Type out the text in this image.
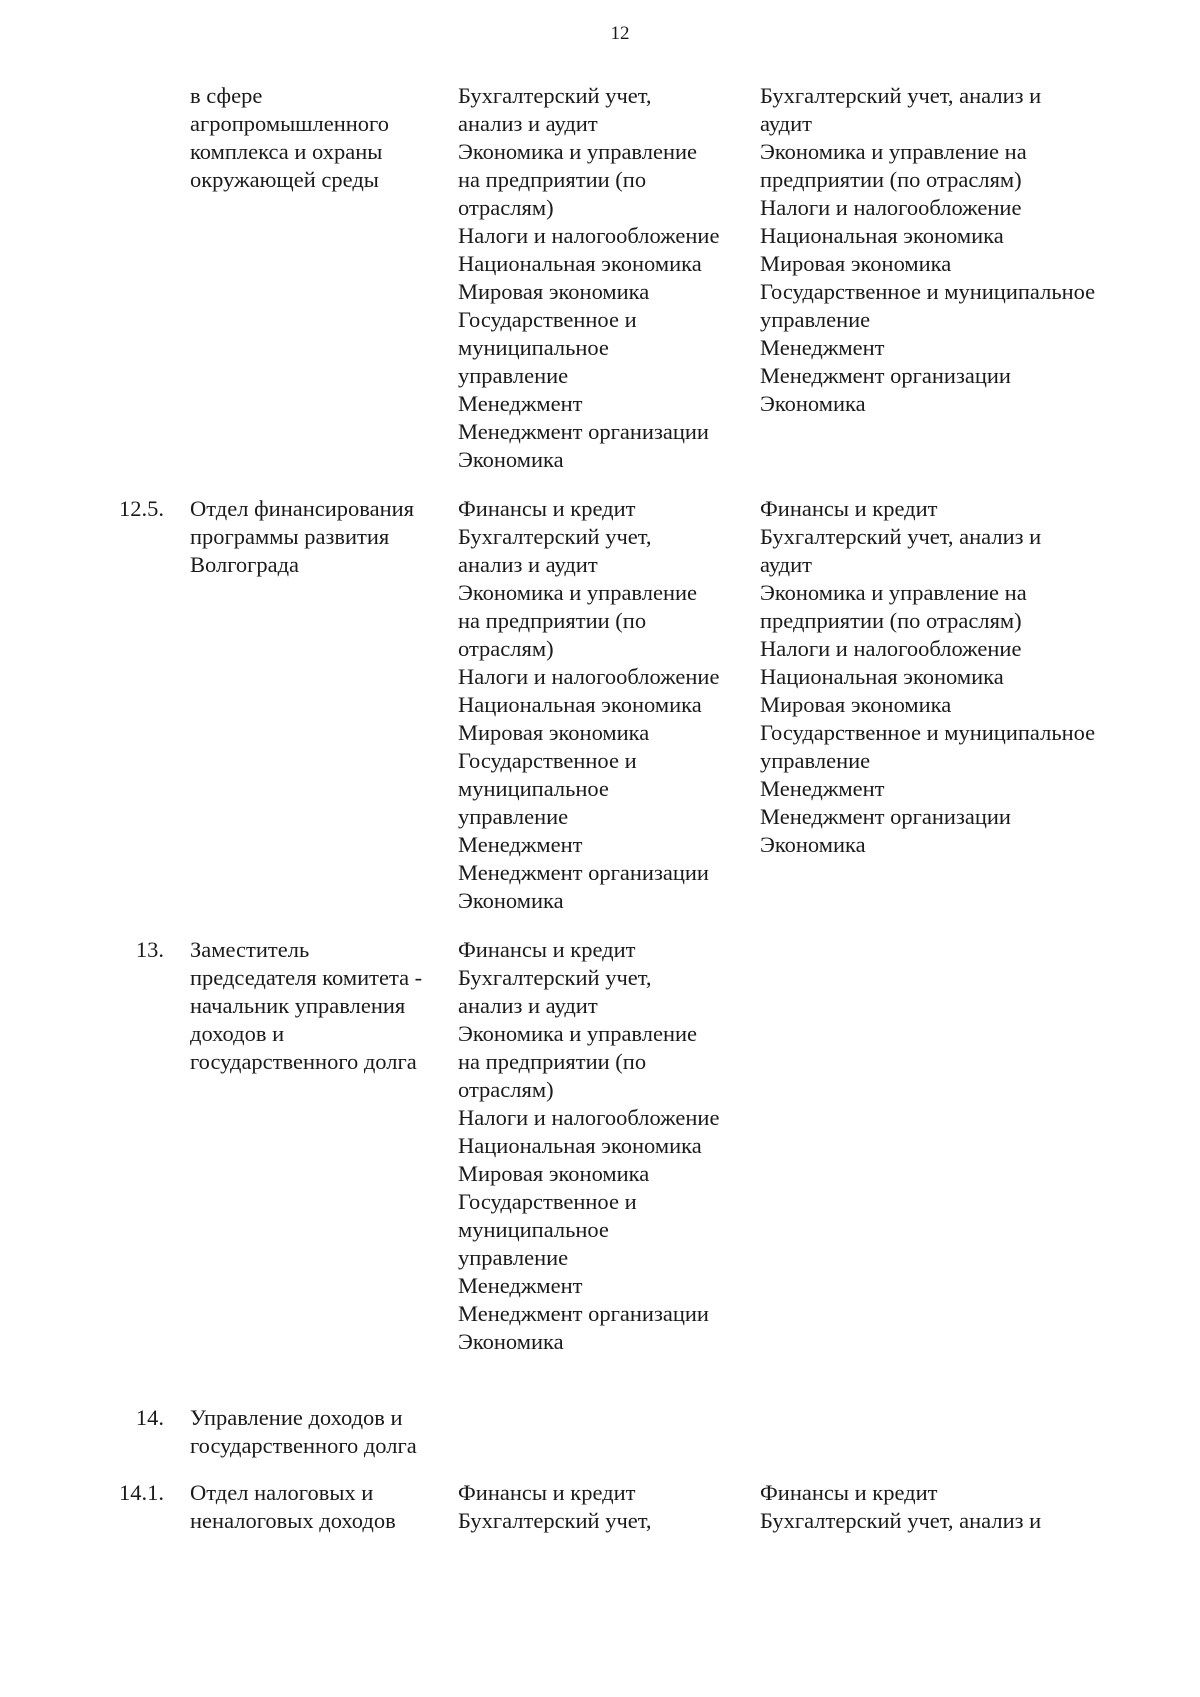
12
в сфере
агропромышленного
комплекса и охраны
окружающей среды
Бухгалтерский учет,
анализ и аудит
Экономика и управление
на предприятии (по
отраслям)
Налоги и налогообложение
Национальная экономика
Мировая экономика
Государственное и
муниципальное
управление
Менеджмент
Менеджмент организации
Экономика
Бухгалтерский учет, анализ и
аудит
Экономика и управление на
предприятии (по отраслям)
Налоги и налогообложение
Национальная экономика
Мировая экономика
Государственное и муниципальное
управление
Менеджмент
Менеджмент организации
Экономика
12.5. Отдел финансирования
программы развития
Волгограда
Финансы и кредит
Бухгалтерский учет,
анализ и аудит
Экономика и управление
на предприятии (по
отраслям)
Налоги и налогообложение
Национальная экономика
Мировая экономика
Государственное и
муниципальное
управление
Менеджмент
Менеджмент организации
Экономика
Финансы и кредит
Бухгалтерский учет, анализ и
аудит
Экономика и управление на
предприятии (по отраслям)
Налоги и налогообложение
Национальная экономика
Мировая экономика
Государственное и муниципальное
управление
Менеджмент
Менеджмент организации
Экономика
13. Заместитель
председателя комитета -
начальник управления
доходов и
государственного долга
Финансы и кредит
Бухгалтерский учет,
анализ и аудит
Экономика и управление
на предприятии (по
отраслям)
Налоги и налогообложение
Национальная экономика
Мировая экономика
Государственное и
муниципальное
управление
Менеджмент
Менеджмент организации
Экономика
14. Управление доходов и
государственного долга
14.1. Отдел налоговых и
неналоговых доходов
Финансы и кредит
Бухгалтерский учет,
Финансы и кредит
Бухгалтерский учет, анализ и
